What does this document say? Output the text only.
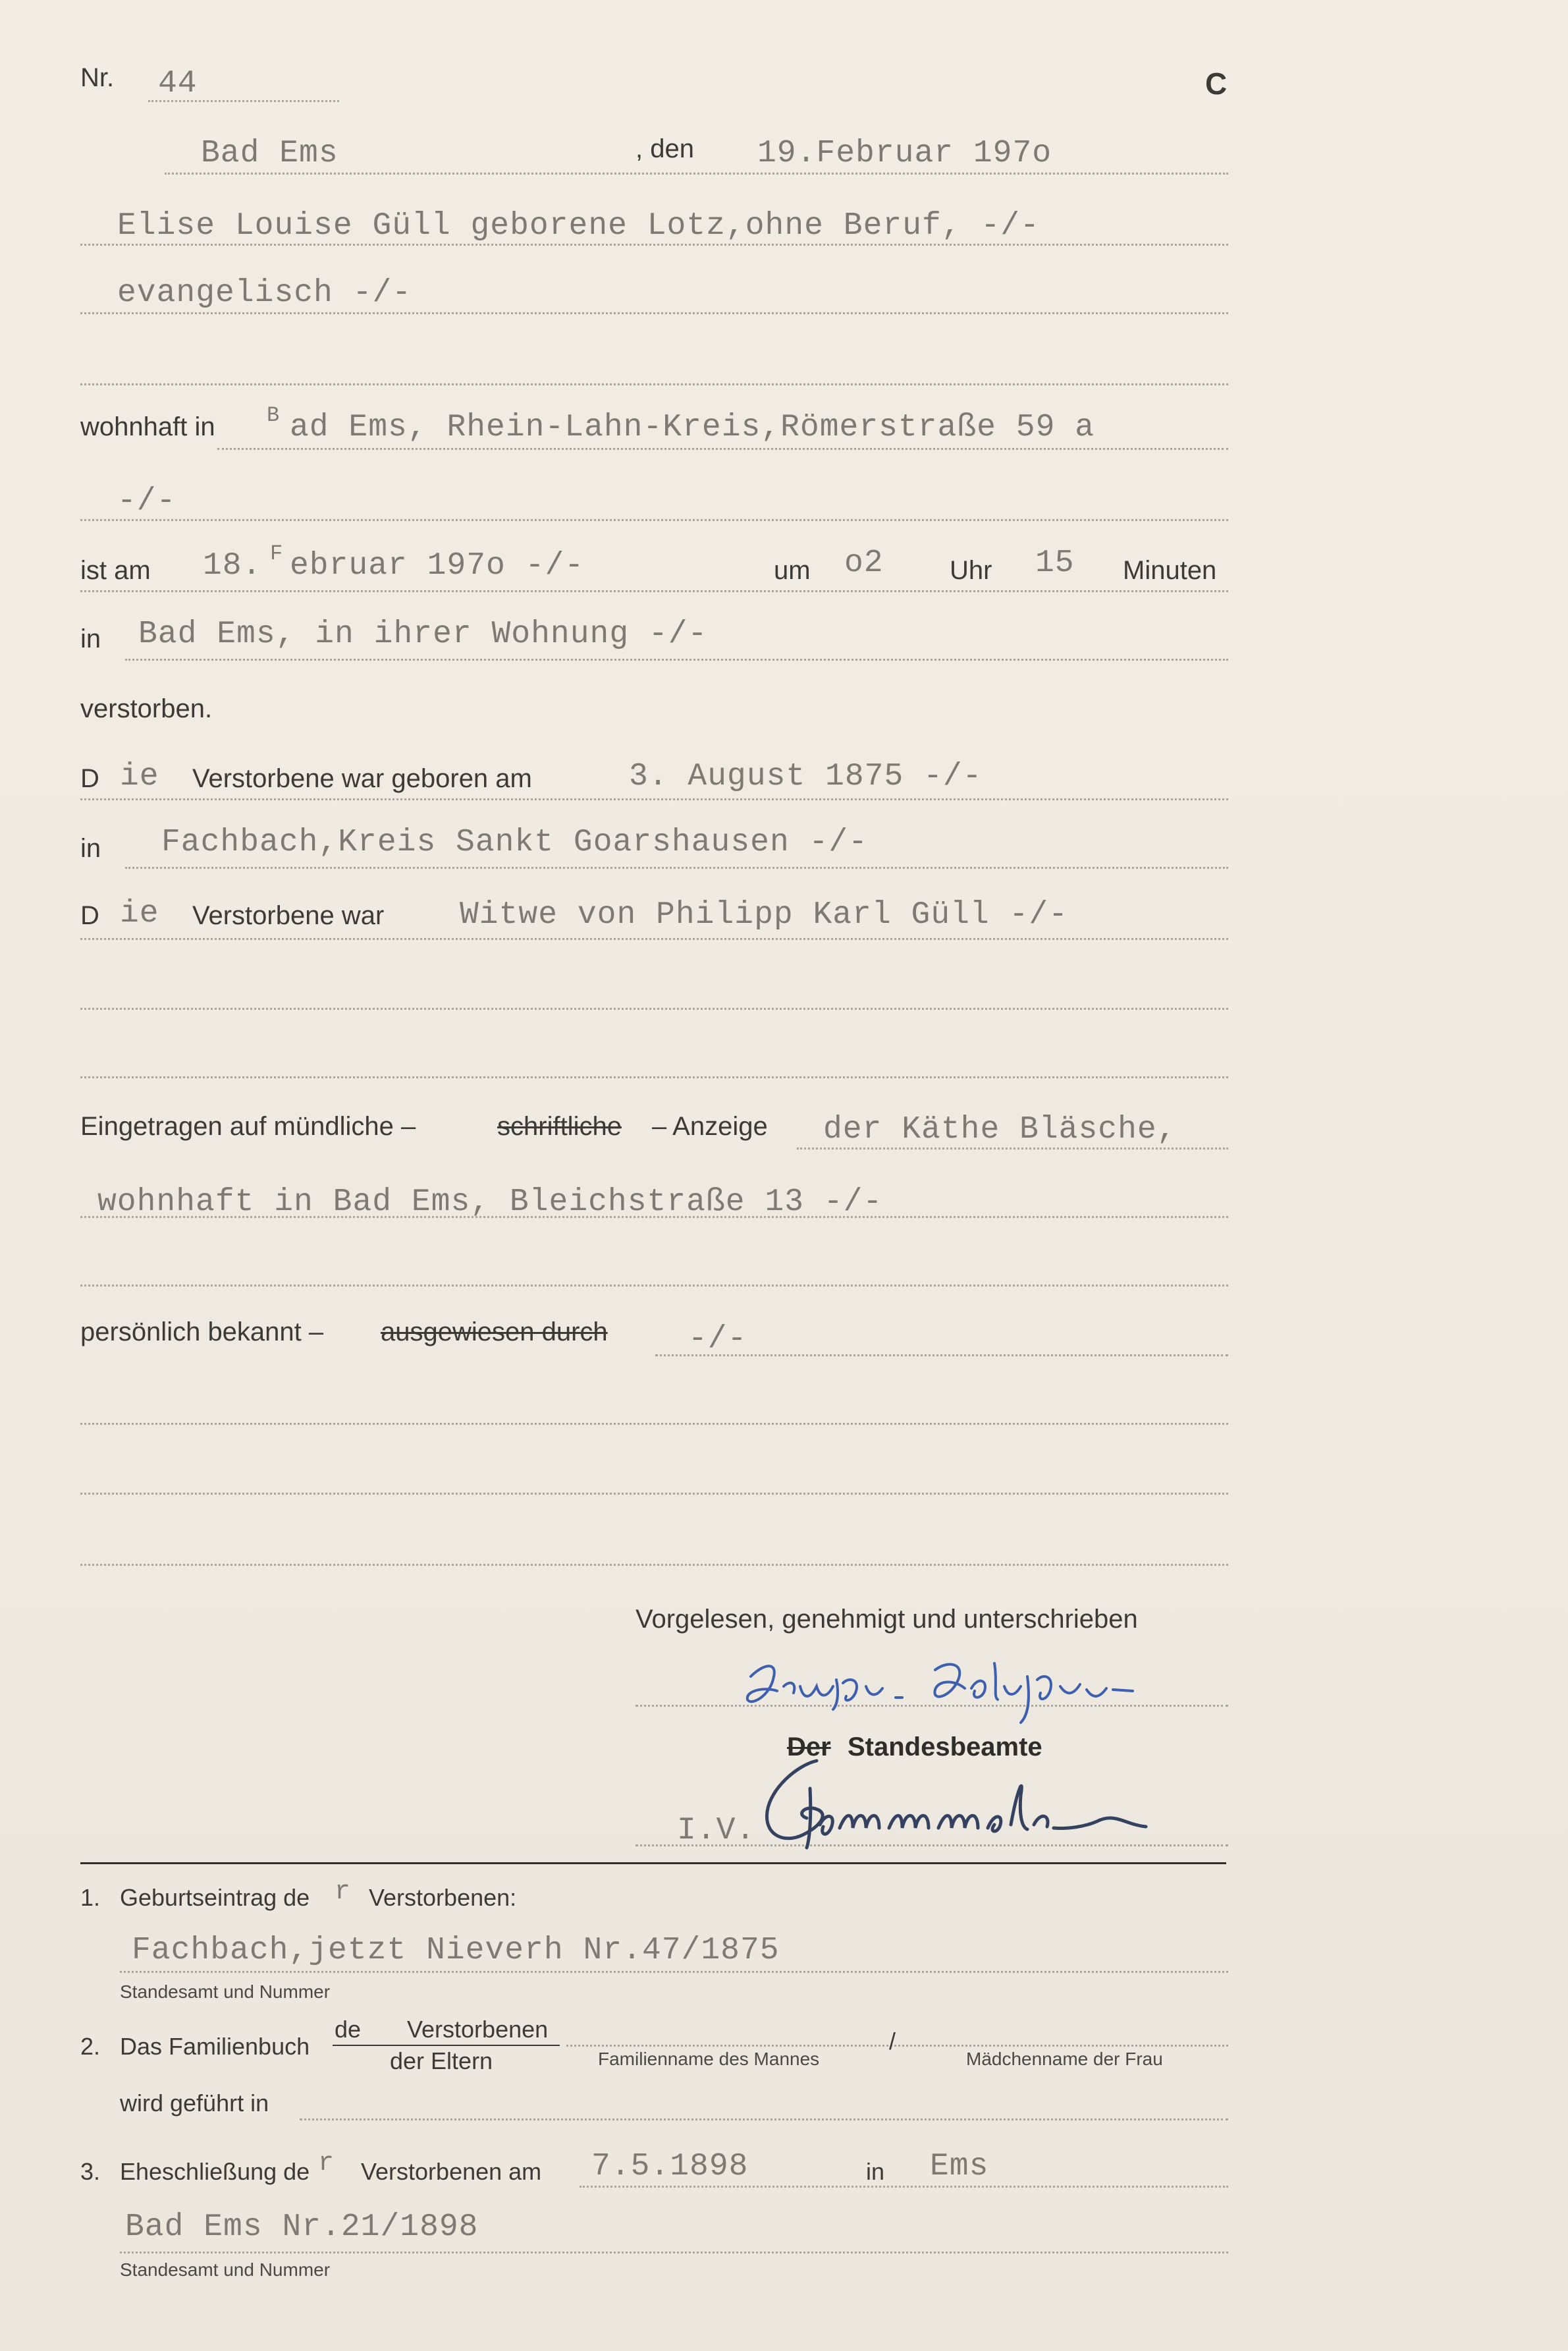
Nr. 44	C
Bad Ems	, den 19.Februar 197o
Elise Louise Güll geborene Lotz,ohne Beruf, -/-
evangelisch -/-
wohnhaft in B ad Ems, Rhein-Lahn-Kreis,Römerstraße 59 a
-/-
ist am 18. F ebruar 197o -/-	um o2	Uhr 15 Minuten
in Bad Ems, in ihrer Wohnung -/-
verstorben.
D ie Verstorbene war geboren am	3. August 1875 -/-
in Fachbach,Kreis Sankt Goarshausen -/-
D ie Verstorbene war Witwe von Philipp Karl Güll -/-
Eingetragen auf mündliche –	schriftliche – Anzeige der Käthe Bläsche,
wohnhaft in Bad Ems, Bleichstraße 13 -/-
persönlich bekannt – ausgewiesen durch	-/-
Vorgelesen, genehmigt und unterschrieben
Der Standesbeamte
I.V.
1. Geburtseintrag de r Verstorbenen:
Fachbach,jetzt Nieverh Nr.47/1875
Standesamt und Nummer
2. Das Familienbuch
de Verstorbenen
der Eltern	Familienname des Mannes
/
Mädchenname der Frau
wird geführt in
3. Eheschließung de r Verstorbenen am 7.5.1898	in Ems
Bad Ems Nr.21/1898
Standesamt und Nummer
